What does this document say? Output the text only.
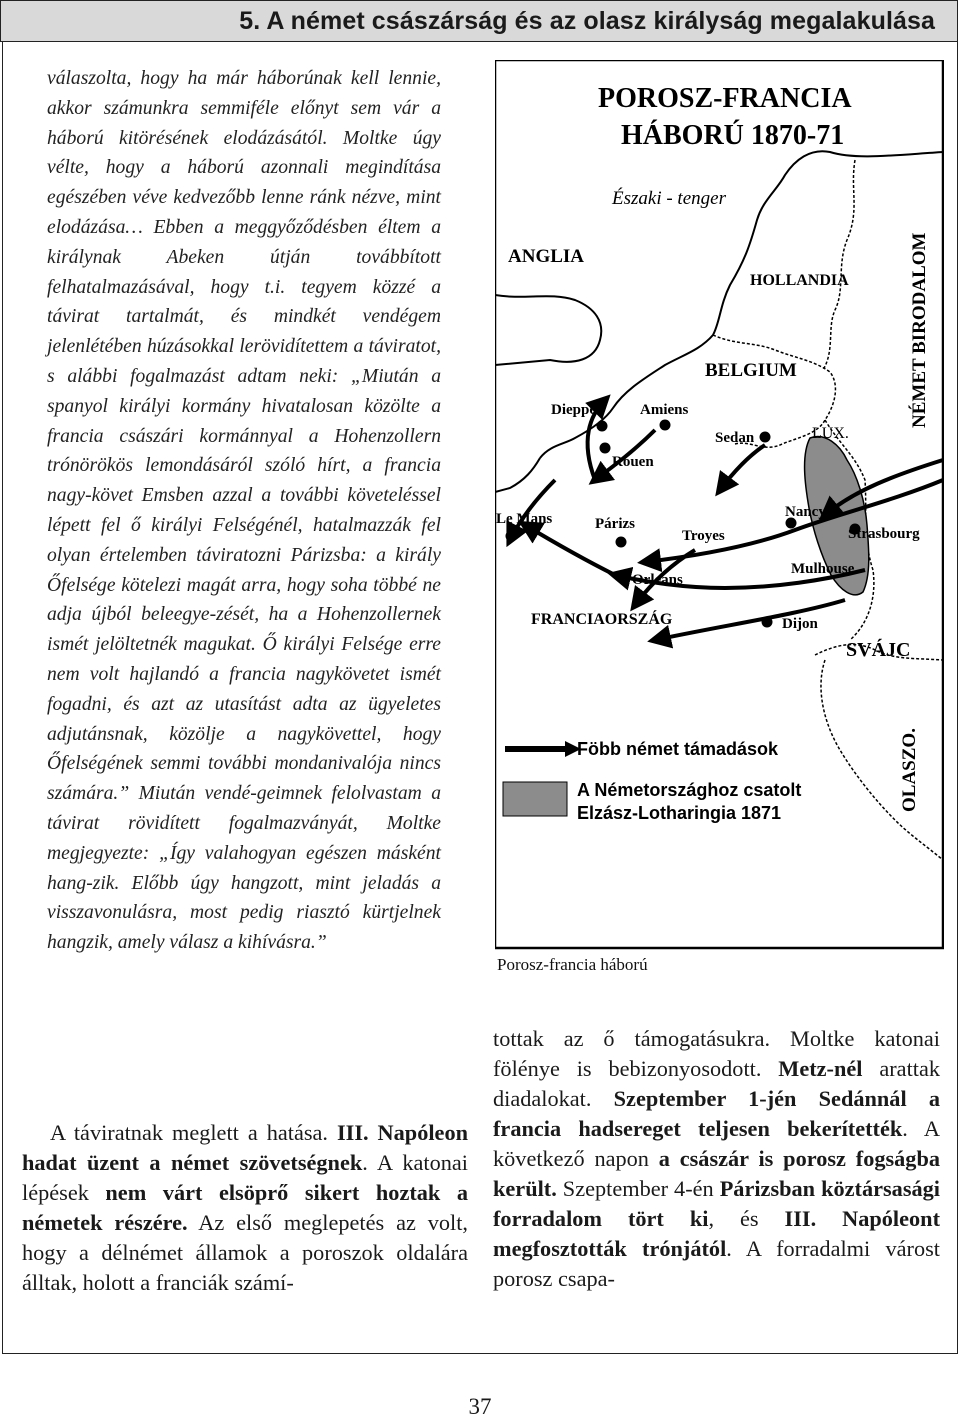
5. A német császárság és az olasz királyság megalakulása

válaszolta, hogy ha már háborúnak kell lennie, akkor számunkra semmiféle előnyt sem vár a háború kitörésének elodázásától. Moltke úgy vélte, hogy a háború azonnali megindítása egészében véve kedvezőbb lenne ránk nézve, mint elodázása… Ebben a meggyőződésben éltem a királynak Abeken útján továbbított felhatalmazásával, hogy t.i. tegyem közzé a távirat tartalmát, és mindkét vendégem jelenlétében húzásokkal lerövidítettem a táviratot, s alábbi fogalmazást adtam neki: „Miután a spanyol királyi kormány hivatalosan közölte a francia császári kormánnyal a Hohenzollern trónörökös lemondásáról szóló hírt, a francia nagy-követ Emsben azzal a további követeléssel lépett fel ő királyi Felségénél, hatalmazzák fel olyan értelemben táviratozni Párizsba: a király Őfelsége kötelezi magát arra, hogy soha többé ne adja újból beleegye-zését, ha a Hohenzollernek ismét jelöltetnék magukat. Ő királyi Felsége erre nem volt hajlandó a francia nagykövetet ismét fogadni, és azt az utasítást adta az ügyeletes adjutánsnak, közölje a nagykövettel, hogy Őfelségének semmi további mondanivalója nincs számára.” Miután vendé-geimnek felolvastam a távirat rövidített fogalmazványát, Moltke megjegyezte: „Így valahogyan egészen másként hang-zik. Előbb úgy hangzott, mint jeladás a visszavonulásra, most pedig riasztó kürtjelnek hangzik, amely válasz a kihívásra.”

A táviratnak meglett a hatása. III. Napóleon hadat üzent a német szövetségnek. A katonai lépések nem várt elsöprő sikert hoztak a németek részére. Az első meglepetés az volt, hogy a délnémet államok a poroszok oldalára álltak, holott a franciák számí-

tottak az ő támogatásukra. Moltke katonai fölénye is bebizonyosodott. Metz-nél arattak diadalokat. Szeptember 1-jén Sedánnál a francia hadsereget teljesen bekerítették. A következő napon a császár is porosz fogságba került. Szeptember 4-én Párizsban köztársasági forradalom tört ki, és III. Napóleont megfosztották trónjától. A forradalmi várost porosz csapa-

POROSZ-FRANCIA
HÁBORÚ 1870-71
Északi - tenger
ANGLIA
HOLLANDIA	NÉMET BIRODALOM
BELGIUM
LUX.
Dieppe	Amiens
Sedan
Rouen
Le Mans	Párizs
Troyes
Nancy
Strasbourg
Mulhouse
Orleans
FRANCIAORSZÁG	Dijon
SVÁJC
OLASZO.
Föbb német támadások
A Németországhoz csatolt
Elzász-Lotharingia 1871
Porosz-francia háború
37
